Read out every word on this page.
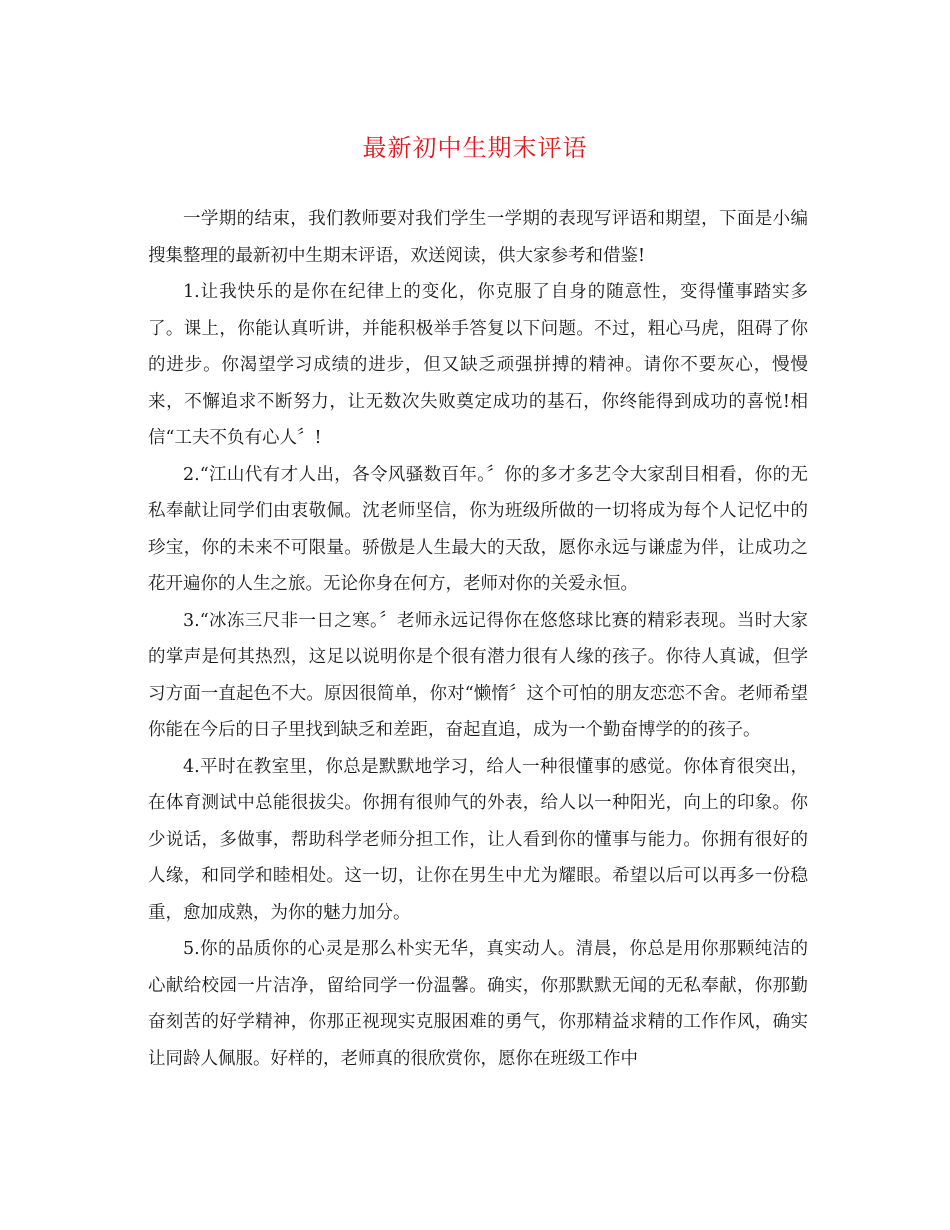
最新初中生期末评语

一学期的结束，我们教师要对我们学生一学期的表现写评语和期望，下面是小编搜集整理的最新初中生期末评语，欢送阅读，供大家参考和借鉴!

1.让我快乐的是你在纪律上的变化，你克服了自身的随意性，变得懂事踏实多了。课上，你能认真听讲，并能积极举手答复以下问题。不过，粗心马虎，阻碍了你的进步。你渴望学习成绩的进步，但又缺乏顽强拼搏的精神。请你不要灰心，慢慢来，不懈追求不断努力，让无数次失败奠定成功的基石，你终能得到成功的喜悦!相信“工夫不负有心人〞!

2.“江山代有才人出，各令风骚数百年。〞你的多才多艺令大家刮目相看，你的无私奉献让同学们由衷敬佩。沈老师坚信，你为班级所做的一切将成为每个人记忆中的珍宝，你的未来不可限量。骄傲是人生最大的天敌，愿你永远与谦虚为伴，让成功之花开遍你的人生之旅。无论你身在何方，老师对你的关爱永恒。

3.“冰冻三尺非一日之寒。〞老师永远记得你在悠悠球比赛的精彩表现。当时大家的掌声是何其热烈，这足以说明你是个很有潜力很有人缘的孩子。你待人真诚，但学习方面一直起色不大。原因很简单，你对“懒惰〞这个可怕的朋友恋恋不舍。老师希望你能在今后的日子里找到缺乏和差距，奋起直追，成为一个勤奋博学的的孩子。

4.平时在教室里，你总是默默地学习，给人一种很懂事的感觉。你体育很突出，在体育测试中总能很拔尖。你拥有很帅气的外表，给人以一种阳光，向上的印象。你少说话，多做事，帮助科学老师分担工作，让人看到你的懂事与能力。你拥有很好的人缘，和同学和睦相处。这一切，让你在男生中尤为耀眼。希望以后可以再多一份稳重，愈加成熟，为你的魅力加分。

5.你的品质你的心灵是那么朴实无华，真实动人。清晨，你总是用你那颗纯洁的心献给校园一片洁净，留给同学一份温馨。确实，你那默默无闻的无私奉献，你那勤奋刻苦的好学精神，你那正视现实克服困难的勇气，你那精益求精的工作作风，确实让同龄人佩服。好样的，老师真的很欣赏你，愿你在班级工作中
